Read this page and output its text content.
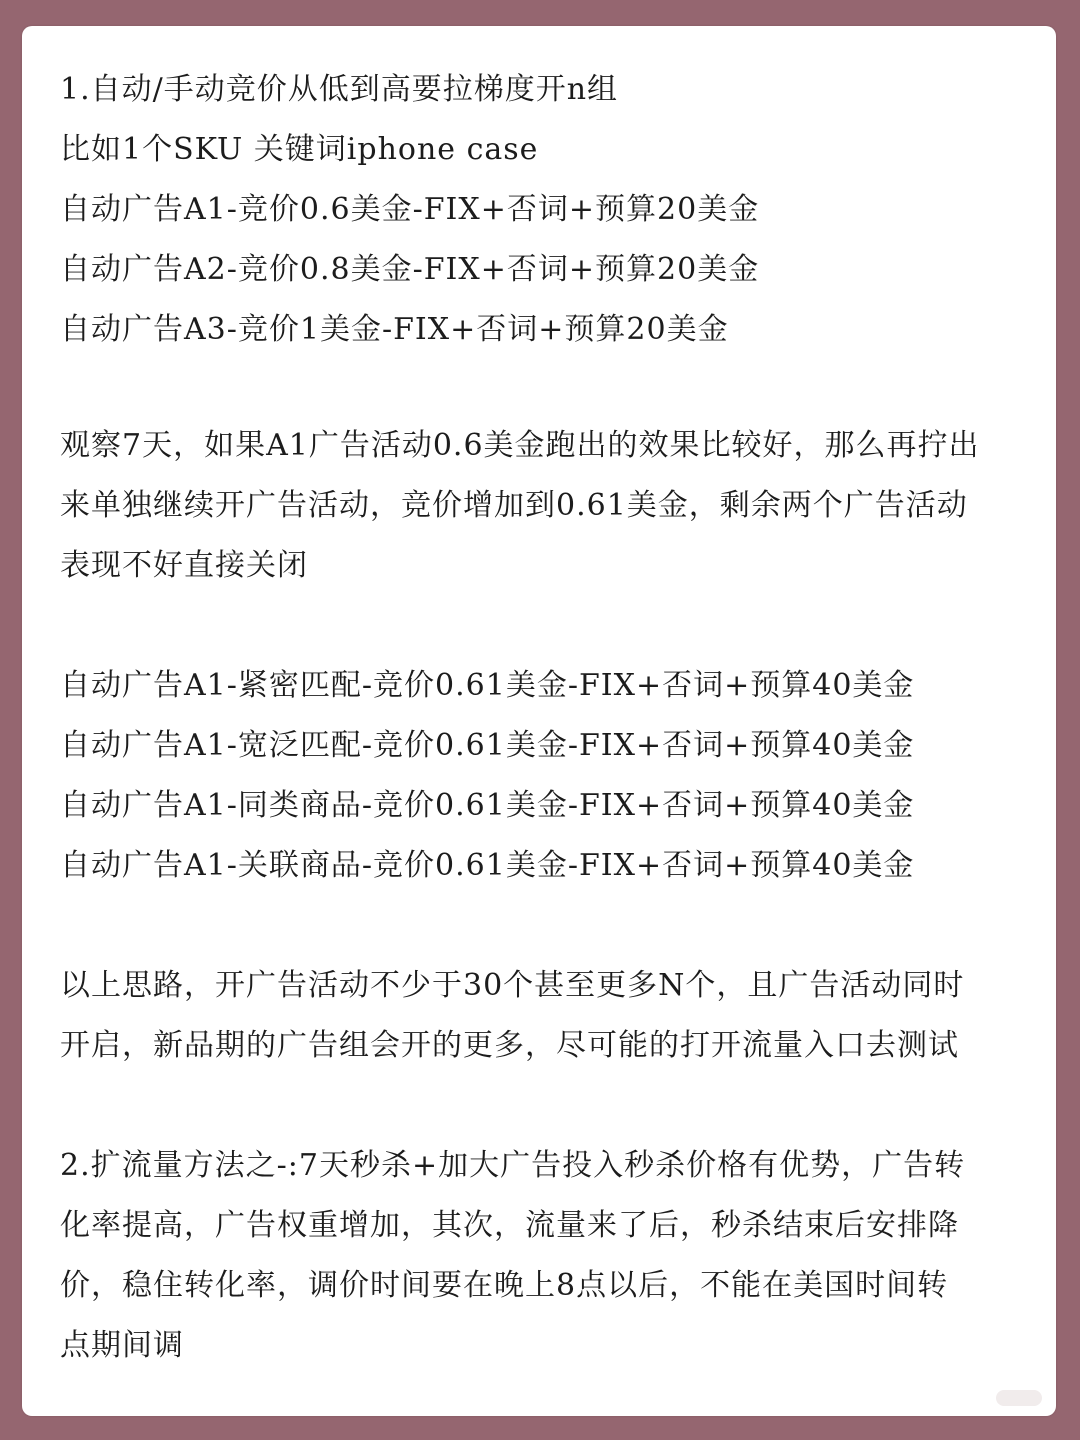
1.自动/手动竞价从低到高要拉梯度开n组
比如1个SKU 关键词iphone case
自动广告A1-竞价0.6美金-FIX+否词+预算20美金
自动广告A2-竞价0.8美金-FIX+否词+预算20美金
自动广告A3-竞价1美金-FIX+否词+预算20美金
观察7天，如果A1广告活动0.6美金跑出的效果比较好，那么再拧出
来单独继续开广告活动，竞价增加到0.61美金，剩余两个广告活动
表现不好直接关闭
自动广告A1-紧密匹配-竞价0.61美金-FIX+否词+预算40美金
自动广告A1-宽泛匹配-竞价0.61美金-FIX+否词+预算40美金
自动广告A1-同类商品-竞价0.61美金-FIX+否词+预算40美金
自动广告A1-关联商品-竞价0.61美金-FIX+否词+预算40美金
以上思路，开广告活动不少于30个甚至更多N个，且广告活动同时
开启，新品期的广告组会开的更多，尽可能的打开流量入口去测试
2.扩流量方法之-:7天秒杀+加大广告投入秒杀价格有优势，广告转
化率提高，广告权重增加，其次，流量来了后，秒杀结束后安排降
价，稳住转化率，调价时间要在晚上8点以后，不能在美国时间转
点期间调
